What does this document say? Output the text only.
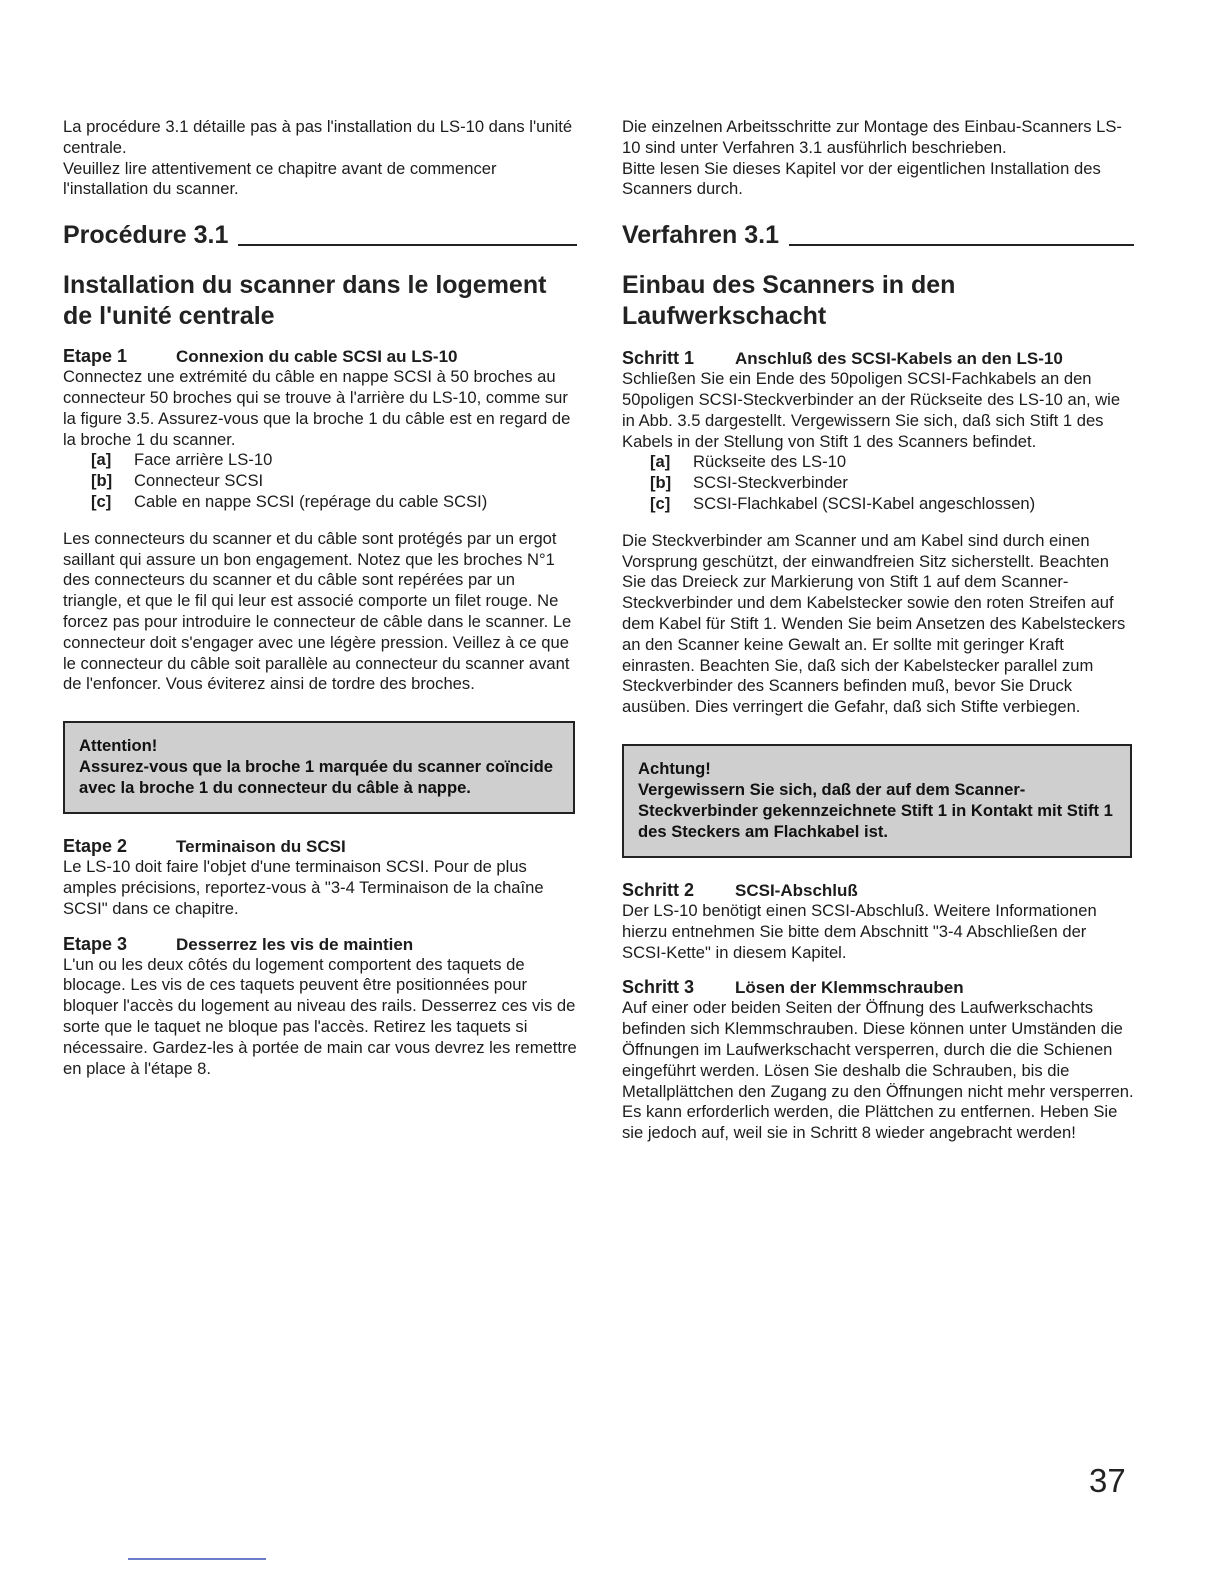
La procédure 3.1 détaille pas à pas l'installation du LS-10 dans l'unité centrale.

Veuillez lire attentivement ce chapitre avant de commencer l'installation du scanner.

Procédure 3.1
Installation du scanner dans le logement de l'unité centrale
Etape 1	Connexion du cable SCSI au LS-10

Connectez une extrémité du câble en nappe SCSI à 50 broches au connecteur 50 broches qui se trouve à l'arrière du LS-10, comme sur la figure 3.5. Assurez-vous que la broche 1 du câble est en regard de la broche 1 du scanner.

[a]	Face arrière LS-10
[b]	Connecteur SCSI
[c]	Cable en nappe SCSI (repérage du cable SCSI)

Les connecteurs du scanner et du câble sont protégés par un ergot saillant qui assure un bon engagement. Notez que les broches N°1 des connecteurs du scanner et du câble sont repérées par un triangle, et que le fil qui leur est associé comporte un filet rouge. Ne forcez pas pour introduire le connecteur de câble dans le scanner. Le connecteur doit s'engager avec une légère pression. Veillez à ce que le connecteur du câble soit parallèle au connecteur du scanner avant de l'enfoncer. Vous éviterez ainsi de tordre des broches.

Attention!
Assurez-vous que la broche 1 marquée du scanner coïncide avec la broche 1 du connecteur du câble à nappe.
Etape 2	Terminaison du SCSI

Le LS-10 doit faire l'objet d'une terminaison SCSI. Pour de plus amples précisions, reportez-vous à "3-4 Terminaison de la chaîne SCSI" dans ce chapitre.

Etape 3	Desserrez les vis de maintien

L'un ou les deux côtés du logement comportent des taquets de blocage. Les vis de ces taquets peuvent être positionnées pour bloquer l'accès du logement au niveau des rails. Desserrez ces vis de sorte que le taquet ne bloque pas l'accès. Retirez les taquets si nécessaire. Gardez-les à portée de main car vous devrez les remettre en place à l'étape 8.

Die einzelnen Arbeitsschritte zur Montage des Einbau-Scanners LS-10 sind unter Verfahren 3.1 ausführlich beschrieben.

Bitte lesen Sie dieses Kapitel vor der eigentlichen Installation des Scanners durch.

Verfahren 3.1
Einbau des Scanners in den Laufwerkschacht
Schritt 1 Anschluß des SCSI-Kabels an den LS-10

Schließen Sie ein Ende des 50poligen SCSI-Fachkabels an den 50poligen SCSI-Steckverbinder an der Rückseite des LS-10 an, wie in Abb. 3.5 dargestellt. Vergewissern Sie sich, daß sich Stift 1 des Kabels in der Stellung von Stift 1 des Scanners befindet.

[a]	Rückseite des LS-10
[b]	SCSI-Steckverbinder
[c]	SCSI-Flachkabel (SCSI-Kabel angeschlossen)

Die Steckverbinder am Scanner und am Kabel sind durch einen Vorsprung geschützt, der einwandfreien Sitz sicherstellt. Beachten Sie das Dreieck zur Markierung von Stift 1 auf dem Scanner-Steckverbinder und dem Kabelstecker sowie den roten Streifen auf dem Kabel für Stift 1. Wenden Sie beim Ansetzen des Kabelsteckers an den Scanner keine Gewalt an. Er sollte mit geringer Kraft einrasten. Beachten Sie, daß sich der Kabelstecker parallel zum Steckverbinder des Scanners befinden muß, bevor Sie Druck ausüben. Dies verringert die Gefahr, daß sich Stifte verbiegen.

Achtung!
Vergewissern Sie sich, daß der auf dem Scanner-Steckverbinder gekennzeichnete Stift 1 in Kontakt mit Stift 1 des Steckers am Flachkabel ist.
Schritt 2 SCSI-Abschluß

Der LS-10 benötigt einen SCSI-Abschluß. Weitere Informationen hierzu entnehmen Sie bitte dem Abschnitt "3-4 Abschließen der SCSI-Kette" in diesem Kapitel.

Schritt 3 Lösen der Klemmschrauben

Auf einer oder beiden Seiten der Öffnung des Laufwerkschachts befinden sich Klemmschrauben. Diese können unter Umständen die Öffnungen im Laufwerkschacht versperren, durch die die Schienen eingeführt werden. Lösen Sie deshalb die Schrauben, bis die Metallplättchen den Zugang zu den Öffnungen nicht mehr versperren. Es kann erforderlich werden, die Plättchen zu entfernen. Heben Sie sie jedoch auf, weil sie in Schritt 8 wieder angebracht werden!

37
